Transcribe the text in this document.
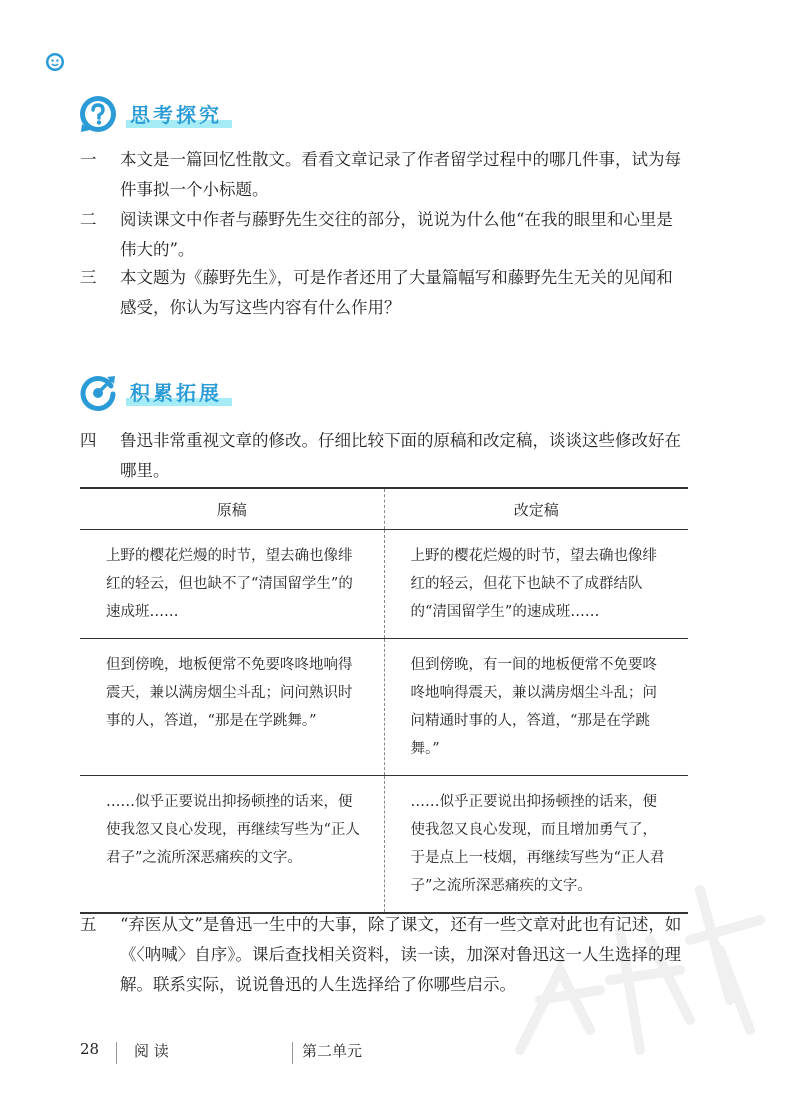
思考探究
一	本文是一篇回忆性散文。看看文章记录了作者留学过程中的哪几件事，试为每件事拟一个小标题。
二	阅读课文中作者与藤野先生交往的部分，说说为什么他“在我的眼里和心里是伟大的”。
三	本文题为《藤野先生》，可是作者还用了大量篇幅写和藤野先生无关的见闻和感受，你认为写这些内容有什么作用？
积累拓展
四	鲁迅非常重视文章的修改。仔细比较下面的原稿和改定稿，谈谈这些修改好在哪里。
原稿	改定稿
上野的樱花烂熳的时节，望去确也像绯红的轻云，但也缺不了“清国留学生”的速成班……	上野的樱花烂熳的时节，望去确也像绯红的轻云，但花下也缺不了成群结队的“清国留学生”的速成班……
但到傍晚，地板便常不免要咚咚地响得震天，兼以满房烟尘斗乱；问问熟识时事的人，答道，“那是在学跳舞。”	但到傍晚，有一间的地板便常不免要咚咚地响得震天，兼以满房烟尘斗乱；问问精通时事的人，答道，“那是在学跳舞。”
……似乎正要说出抑扬顿挫的话来，便使我忽又良心发现，再继续写些为“正人君子”之流所深恶痛疾的文字。	……似乎正要说出抑扬顿挫的话来，便使我忽又良心发现，而且增加勇气了，于是点上一枝烟，再继续写些为“正人君子”之流所深恶痛疾的文字。
五	“弃医从文”是鲁迅一生中的大事，除了课文，还有一些文章对此也有记述，如《〈呐喊〉自序》。课后查找相关资料，读一读，加深对鲁迅这一人生选择的理解。联系实际，说说鲁迅的人生选择给了你哪些启示。
28 阅 读	第二单元
